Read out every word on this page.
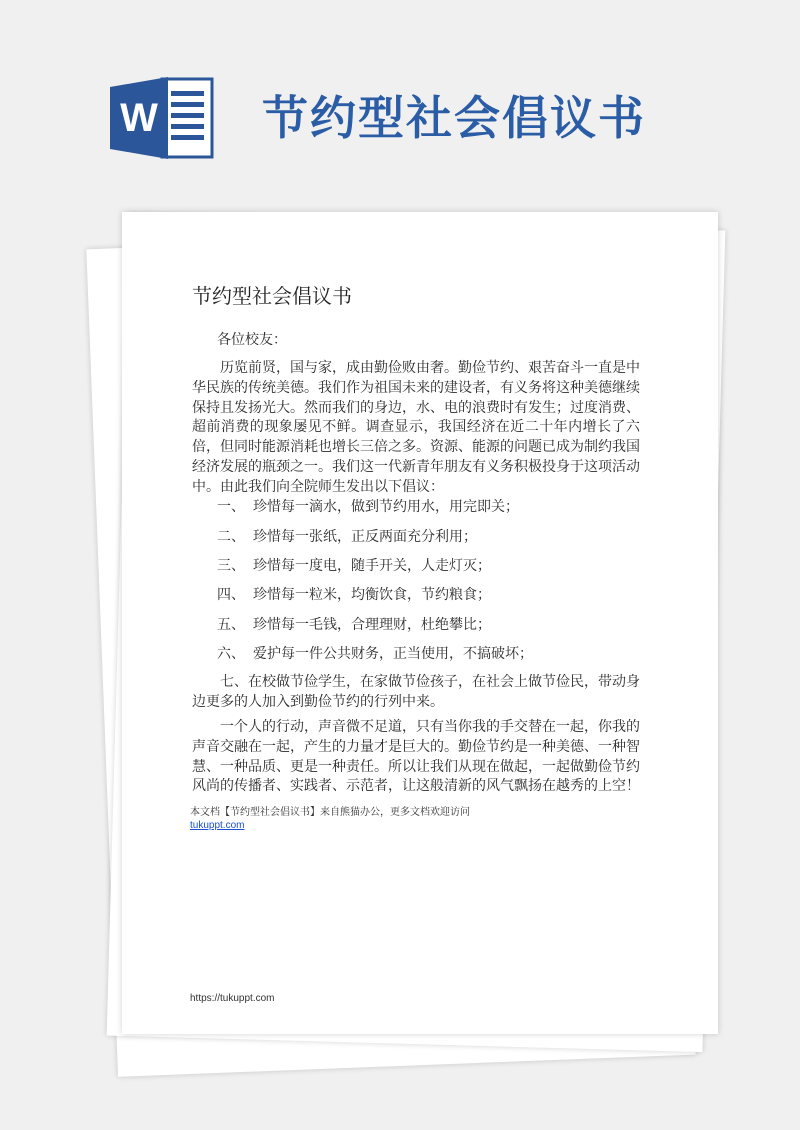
W 节约型社会倡议书
节约型社会倡议书

各位校友：

历览前贤，国与家，成由勤俭败由奢。勤俭节约、艰苦奋斗一直是中华民族的传统美德。我们作为祖国未来的建设者，有义务将这种美德继续保持且发扬光大。然而我们的身边，水、电的浪费时有发生；过度消费、超前消费的现象屡见不鲜。调查显示，我国经济在近二十年内增长了六倍，但同时能源消耗也增长三倍之多。资源、能源的问题已成为制约我国经济发展的瓶颈之一。我们这一代新青年朋友有义务积极投身于这项活动中。由此我们向全院师生发出以下倡议：

一、 珍惜每一滴水，做到节约用水，用完即关；

二、 珍惜每一张纸，正反两面充分利用；

三、 珍惜每一度电，随手开关，人走灯灭；

四、 珍惜每一粒米，均衡饮食，节约粮食；

五、 珍惜每一毛钱，合理理财，杜绝攀比；

六、 爱护每一件公共财务，正当使用，不搞破坏；

七、在校做节俭学生，在家做节俭孩子，在社会上做节俭民，带动身边更多的人加入到勤俭节约的行列中来。

一个人的行动，声音微不足道，只有当你我的手交替在一起，你我的声音交融在一起，产生的力量才是巨大的。勤俭节约是一种美德、一种智慧、一种品质、更是一种责任。所以让我们从现在做起，一起做勤俭节约风尚的传播者、实践者、示范者，让这般清新的风气飘扬在越秀的上空！

本文档【节约型社会倡议书】来自熊猫办公，更多文档欢迎访问

tukuppt.com
https://tukuppt.com
